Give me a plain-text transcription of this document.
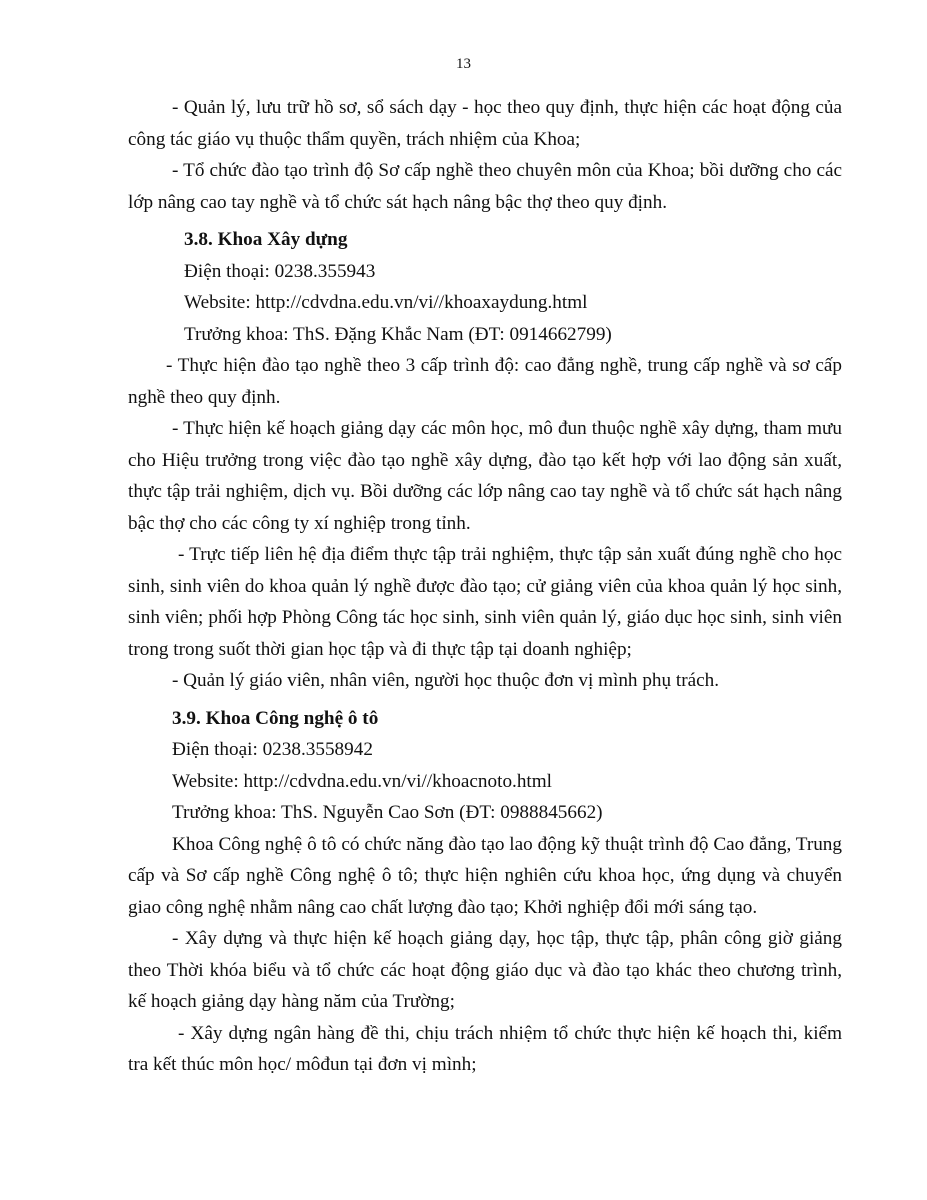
13

- Quản lý, lưu trữ hồ sơ, sổ sách dạy - học theo quy định, thực hiện các hoạt động của công tác giáo vụ thuộc thẩm quyền, trách nhiệm của Khoa;

- Tổ chức đào tạo trình độ Sơ cấp nghề theo chuyên môn của Khoa; bồi dưỡng cho các lớp nâng cao tay nghề và tổ chức sát hạch nâng bậc thợ theo quy định.

3.8. Khoa Xây dựng
Điện thoại: 0238.355943
Website: http://cdvdna.edu.vn/vi//khoaxaydung.html
Trưởng khoa: ThS. Đặng Khắc Nam (ĐT: 0914662799)

- Thực hiện đào tạo nghề theo 3 cấp trình độ: cao đẳng nghề, trung cấp nghề và sơ cấp nghề theo quy định.

- Thực hiện kế hoạch giảng dạy các môn học, mô đun thuộc nghề xây dựng, tham mưu cho Hiệu trưởng trong việc đào tạo nghề xây dựng, đào tạo kết hợp với lao động sản xuất, thực tập trải nghiệm, dịch vụ. Bồi dưỡng các lớp nâng cao tay nghề và tổ chức sát hạch nâng bậc thợ cho các công ty xí nghiệp trong tỉnh.

- Trực tiếp liên hệ địa điểm thực tập trải nghiệm, thực tập sản xuất đúng nghề cho học sinh, sinh viên do khoa quản lý nghề được đào tạo; cử giảng viên của khoa quản lý học sinh, sinh viên; phối hợp Phòng Công tác học sinh, sinh viên quản lý, giáo dục học sinh, sinh viên trong trong suốt thời gian học tập và đi thực tập tại doanh nghiệp;

- Quản lý giáo viên, nhân viên, người học thuộc đơn vị mình phụ trách.

3.9. Khoa Công nghệ ô tô
Điện thoại: 0238.3558942
Website: http://cdvdna.edu.vn/vi//khoacnoto.html
Trưởng khoa: ThS. Nguyễn Cao Sơn (ĐT: 0988845662)

Khoa Công nghệ ô tô có chức năng đào tạo lao động kỹ thuật trình độ Cao đẳng, Trung cấp và Sơ cấp nghề Công nghệ ô tô; thực hiện nghiên cứu khoa học, ứng dụng và chuyển giao công nghệ nhằm nâng cao chất lượng đào tạo; Khởi nghiệp đổi mới sáng tạo.

- Xây dựng và thực hiện kế hoạch giảng dạy, học tập, thực tập, phân công giờ giảng theo Thời khóa biểu và tổ chức các hoạt động giáo dục và đào tạo khác theo chương trình, kế hoạch giảng dạy hàng năm của Trường;

- Xây dựng ngân hàng đề thi, chịu trách nhiệm tổ chức thực hiện kế hoạch thi, kiểm tra kết thúc môn học/ môđun tại đơn vị mình;
